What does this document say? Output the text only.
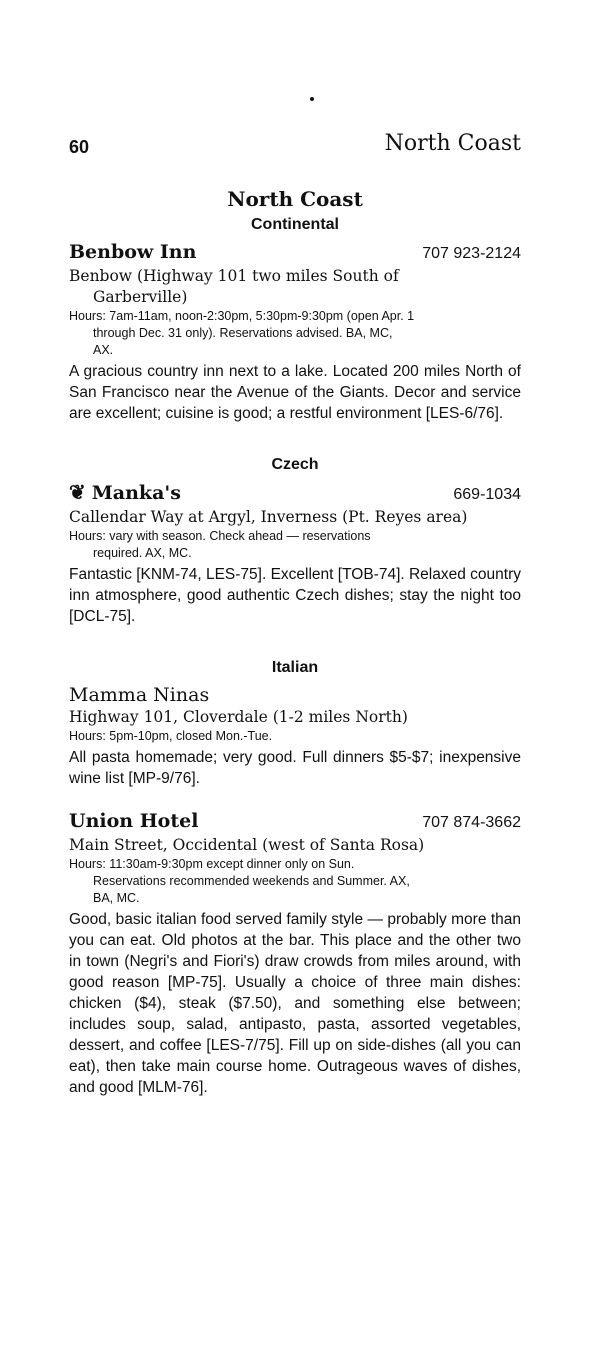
60	North Coast
North Coast
Continental
Benbow Inn	707 923-2124
Benbow (Highway 101 two miles South of
Garberville)
Hours: 7am-11am, noon-2:30pm, 5:30pm-9:30pm (open Apr. 1
through Dec. 31 only). Reservations advised. BA, MC,
AX.
A gracious country inn next to a lake. Located 200 miles North of San Francisco near the Avenue of the Giants. Decor and service are excellent; cuisine is good; a restful environment [LES-6/76].
Czech
❦ Manka's	669-1034
Callendar Way at Argyl, Inverness (Pt. Reyes area)
Hours: vary with season. Check ahead — reservations
required. AX, MC.
Fantastic [KNM-74, LES-75]. Excellent [TOB-74]. Relaxed country inn atmosphere, good authentic Czech dishes; stay the night too [DCL-75].
Italian
Mamma Ninas
Highway 101, Cloverdale (1-2 miles North)
Hours: 5pm-10pm, closed Mon.-Tue.
All pasta homemade; very good. Full dinners $5-$7; inexpensive wine list [MP-9/76].
Union Hotel	707 874-3662
Main Street, Occidental (west of Santa Rosa)
Hours: 11:30am-9:30pm except dinner only on Sun.
Reservations recommended weekends and Summer. AX,
BA, MC.
Good, basic italian food served family style — probably more than you can eat. Old photos at the bar. This place and the other two in town (Negri's and Fiori's) draw crowds from miles around, with good reason [MP-75]. Usually a choice of three main dishes: chicken ($4), steak ($7.50), and something else between; includes soup, salad, antipasto, pasta, assorted vegetables, dessert, and coffee [LES-7/75]. Fill up on side-dishes (all you can eat), then take main course home. Outrageous waves of dishes, and good [MLM-76].
